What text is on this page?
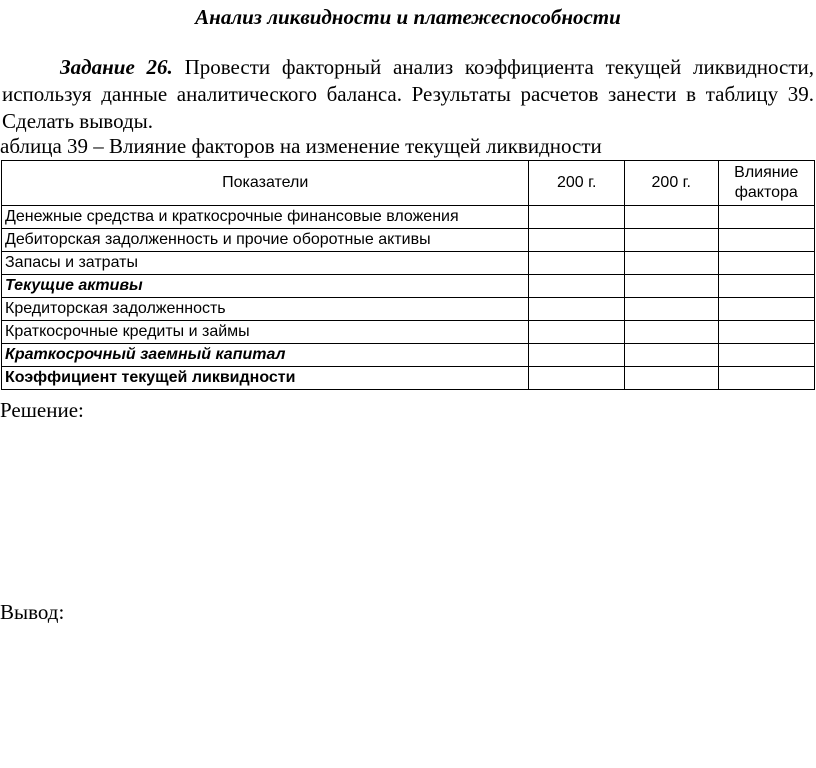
Анализ ликвидности и платежеспособности
Задание 26. Провести факторный анализ коэффициента текущей ликвидности, используя данные аналитического баланса. Результаты расчетов занести в таблицу 39. Сделать выводы.
аблица 39 – Влияние факторов на изменение текущей ликвидности
Показатели	200 г.	200 г.	Влияние фактора
Денежные средства и краткосрочные финансовые вложения			
Дебиторская задолженность и прочие оборотные активы			
Запасы и затраты			
Текущие активы			
Кредиторская задолженность			
Краткосрочные кредиты и займы			
Краткосрочный заемный капитал			
Коэффициент текущей ликвидности			
Решение:
Вывод:
